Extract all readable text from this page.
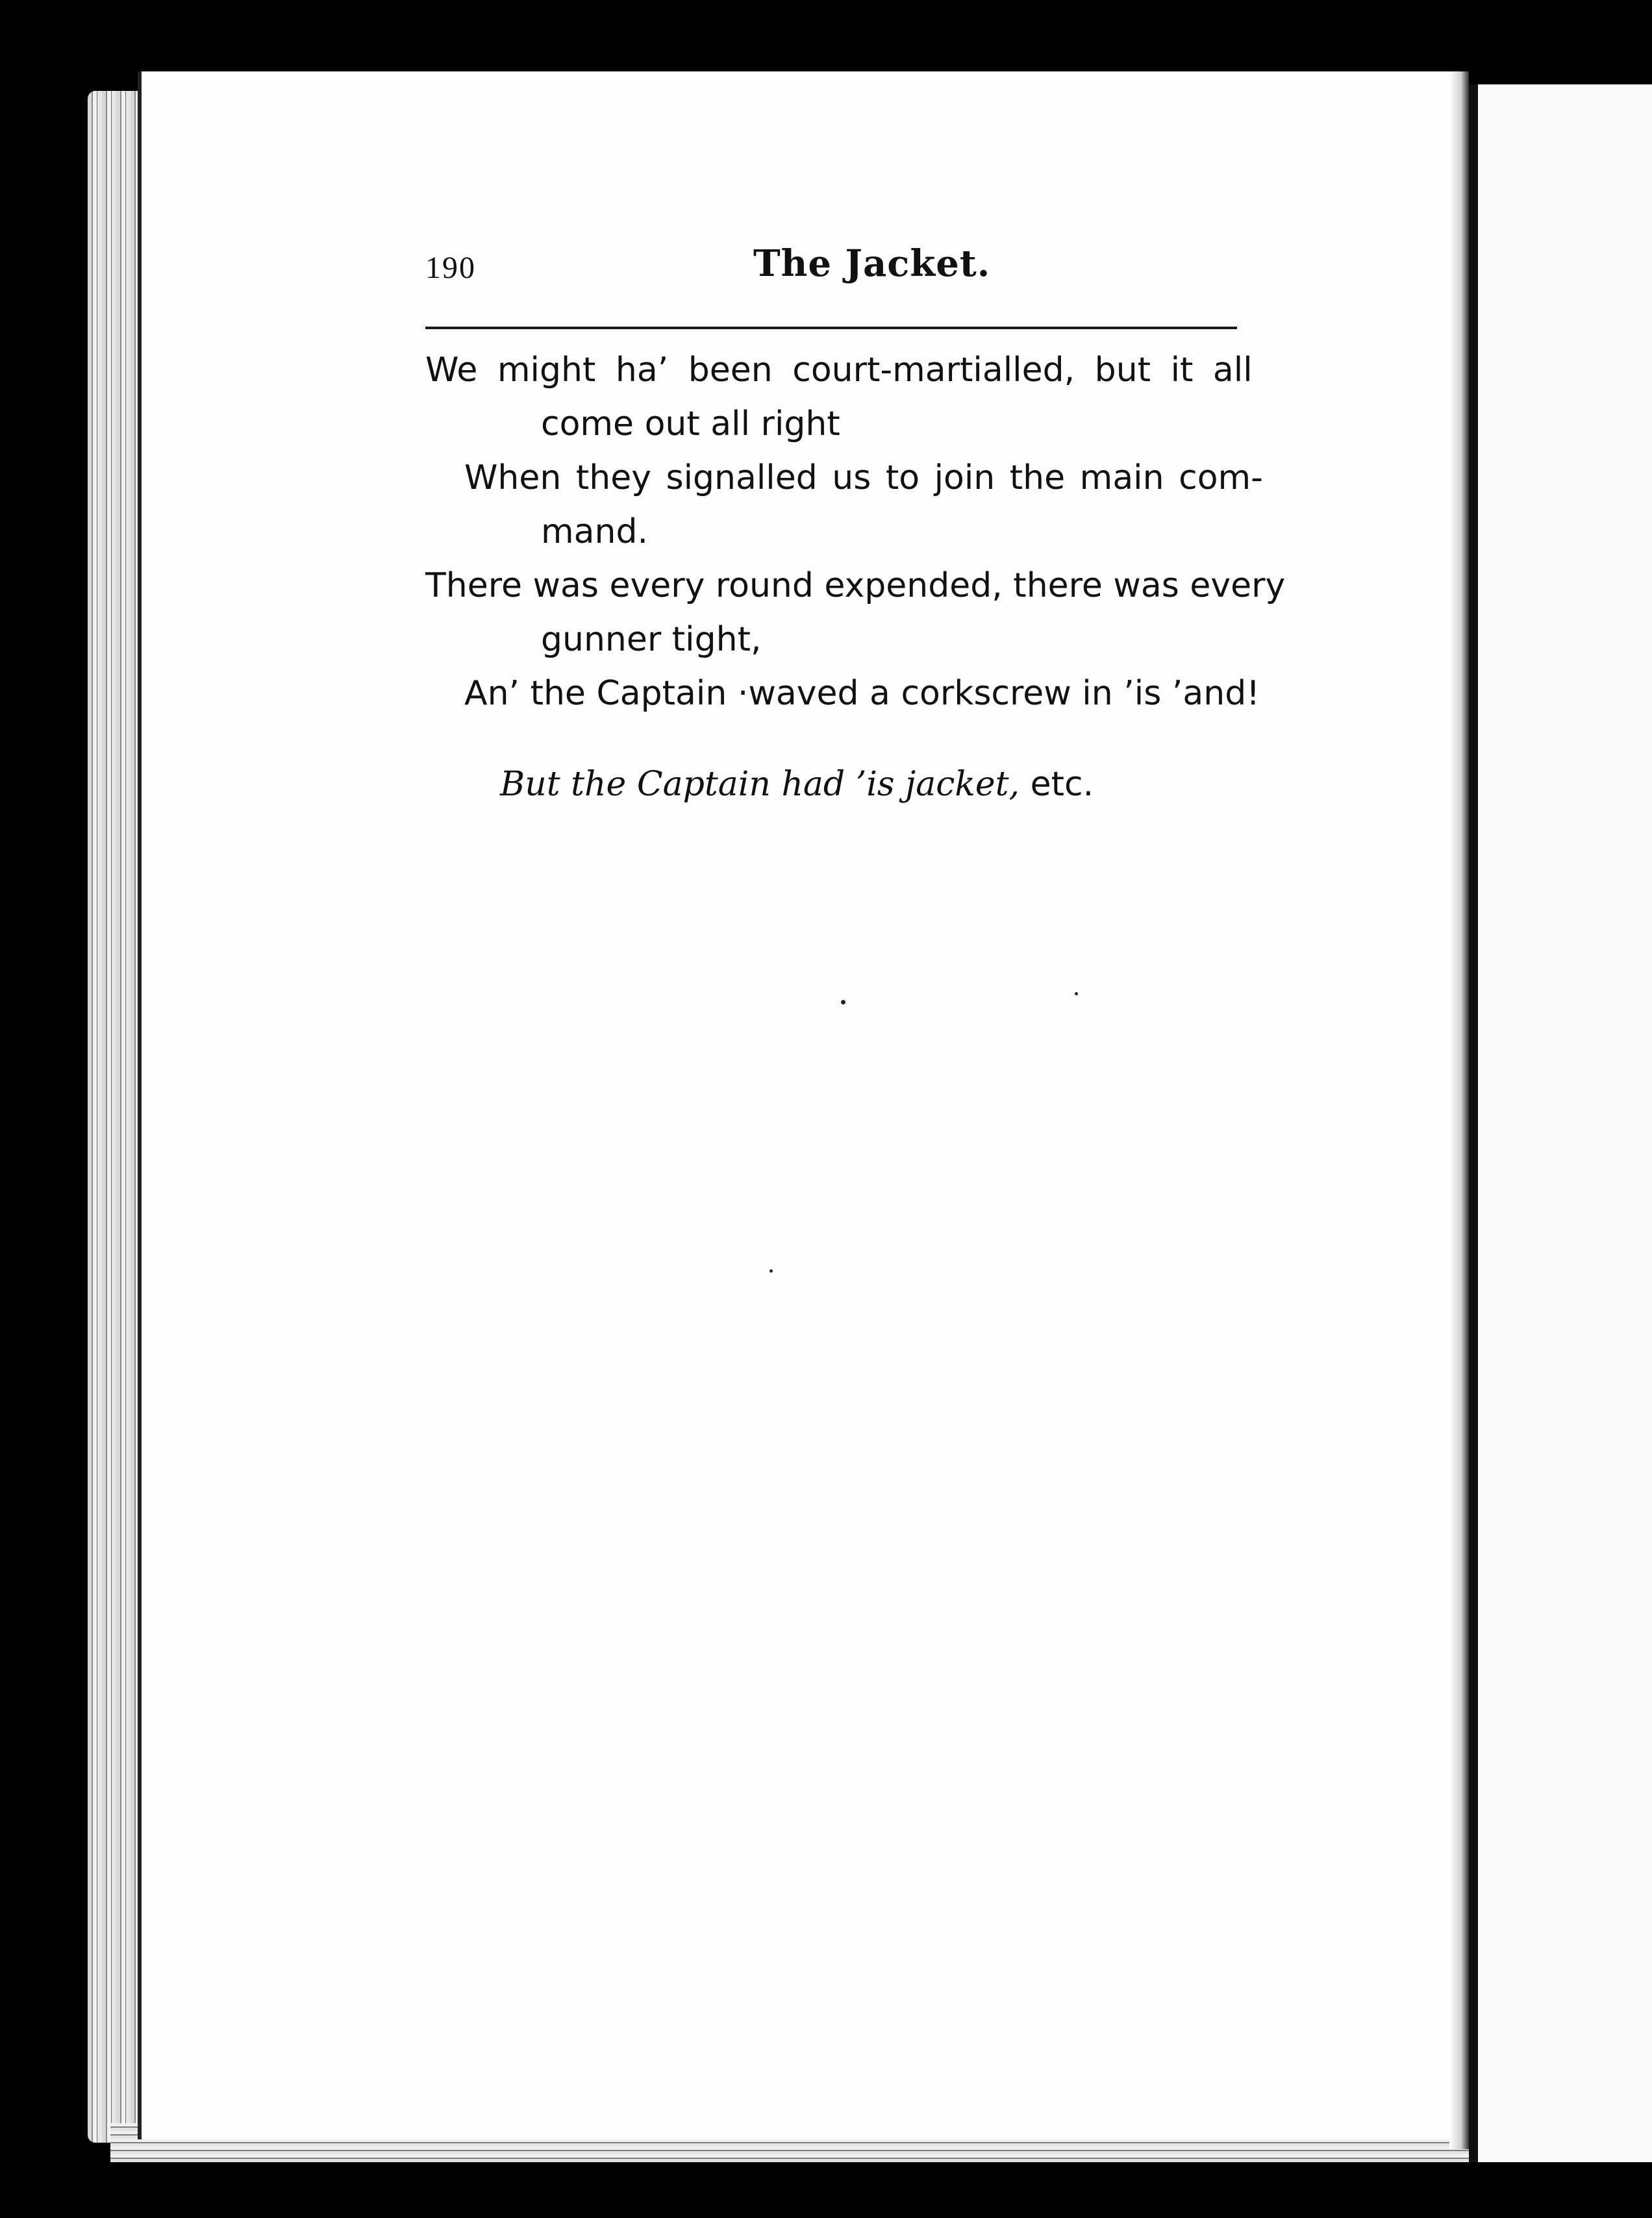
190	The Jacket.
We might ha’ been court-martialled, but it all
come out all right
When they signalled us to join the main com-
mand.
There was every round expended, there was every
gunner tight,
An’ the Captain ·waved a corkscrew in ’is ’and!
But the Captain had ’is jacket, etc.
